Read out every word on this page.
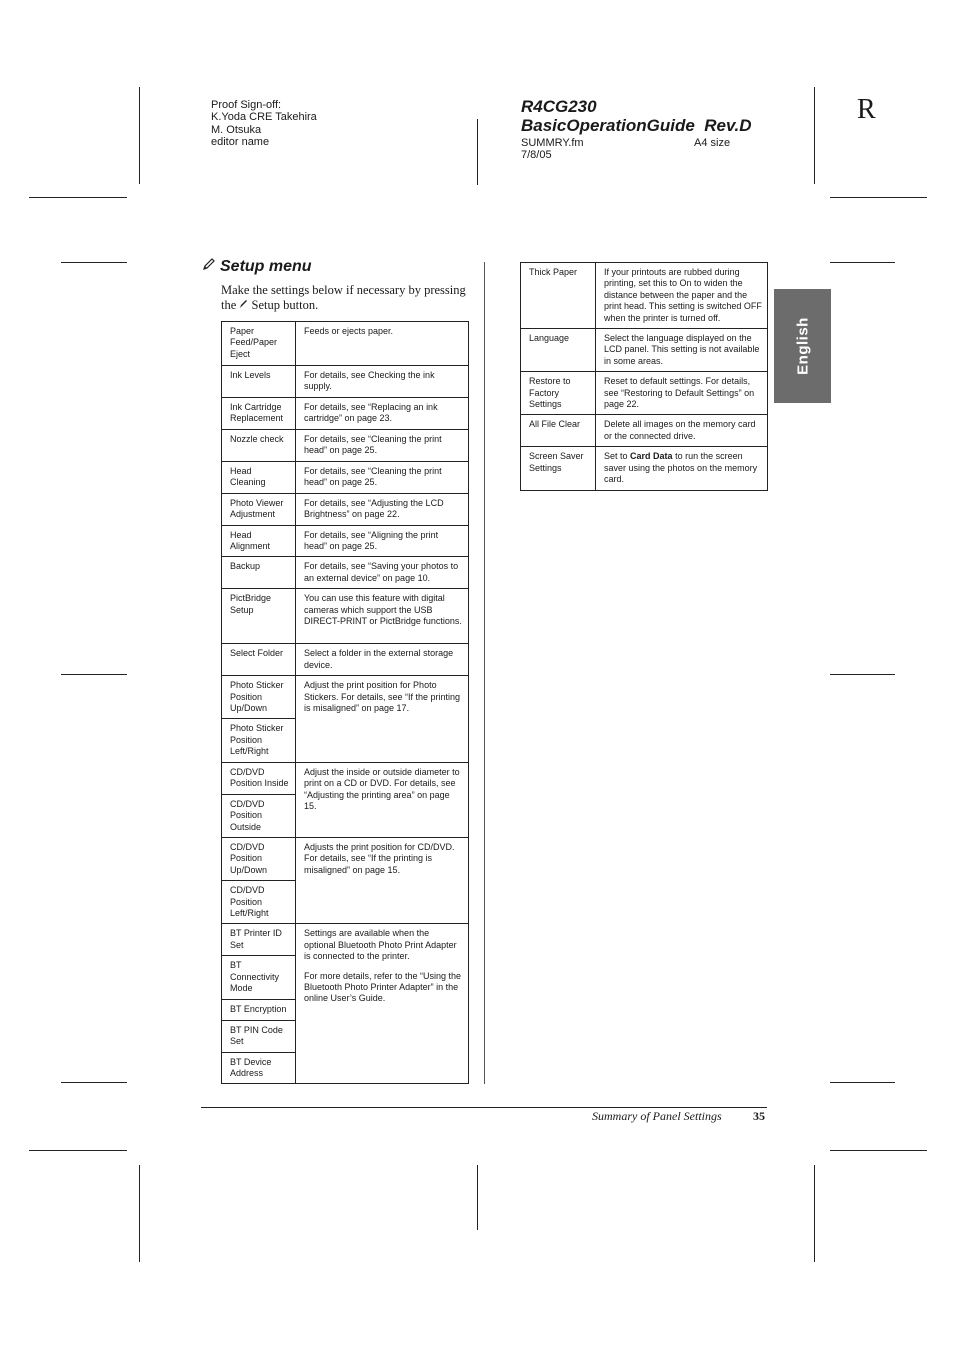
Proof Sign-off:
K.Yoda CRE Takehira
M. Otsuka
editor name
R4CG230
BasicOperationGuide  Rev.D
SUMMRY.fm
7/8/05
A4 size
R
English
Setup menu
Make the settings below if necessary by pressing
the Setup button.
Paper Feed/Paper Eject	Feeds or ejects paper.
Ink Levels	For details, see Checking the ink supply.
Ink Cartridge Replacement	For details, see “Replacing an ink cartridge” on page 23.
Nozzle check	For details, see “Cleaning the print head” on page 25.
Head Cleaning	For details, see “Cleaning the print head” on page 25.
Photo Viewer Adjustment	For details, see “Adjusting the LCD Brightness” on page 22.
Head Alignment	For details, see “Aligning the print head” on page 25.
Backup	For details, see “Saving your photos to an external device” on page 10.
PictBridge Setup	You can use this feature with digital cameras which support the USB DIRECT-PRINT or PictBridge functions.
Select Folder	Select a folder in the external storage device.
Photo Sticker Position Up/Down	Adjust the print position for Photo Stickers. For details, see “If the printing is misaligned” on page 17.
Photo Sticker Position Left/Right	
CD/DVD Position Inside	Adjust the inside or outside diameter to print on a CD or DVD. For details, see “Adjusting the printing area” on page 15.
CD/DVD Position Outside	
CD/DVD Position Up/Down	Adjusts the print position for CD/DVD. For details, see “If the printing is misaligned” on page 15.
CD/DVD Position Left/Right	
BT Printer ID Set	Settings are available when the optional Bluetooth Photo Print Adapter is connected to the printer.
For more details, refer to the “Using the Bluetooth Photo Printer Adapter” in the online User’s Guide.

BT Connectivity Mode	
BT Encryption	
BT PIN Code Set	
BT Device Address	
Thick Paper	If your printouts are rubbed during printing, set this to On to widen the distance between the paper and the print head. This setting is switched OFF when the printer is turned off.
Language	Select the language displayed on the LCD panel. This setting is not available in some areas.
Restore to Factory Settings	Reset to default settings. For details, see “Restoring to Default Settings” on page 22.
All File Clear	Delete all images on the memory card or the connected drive.
Screen Saver Settings	Set to Card Data to run the screen saver using the photos on the memory card.
Summary of Panel Settings	35
